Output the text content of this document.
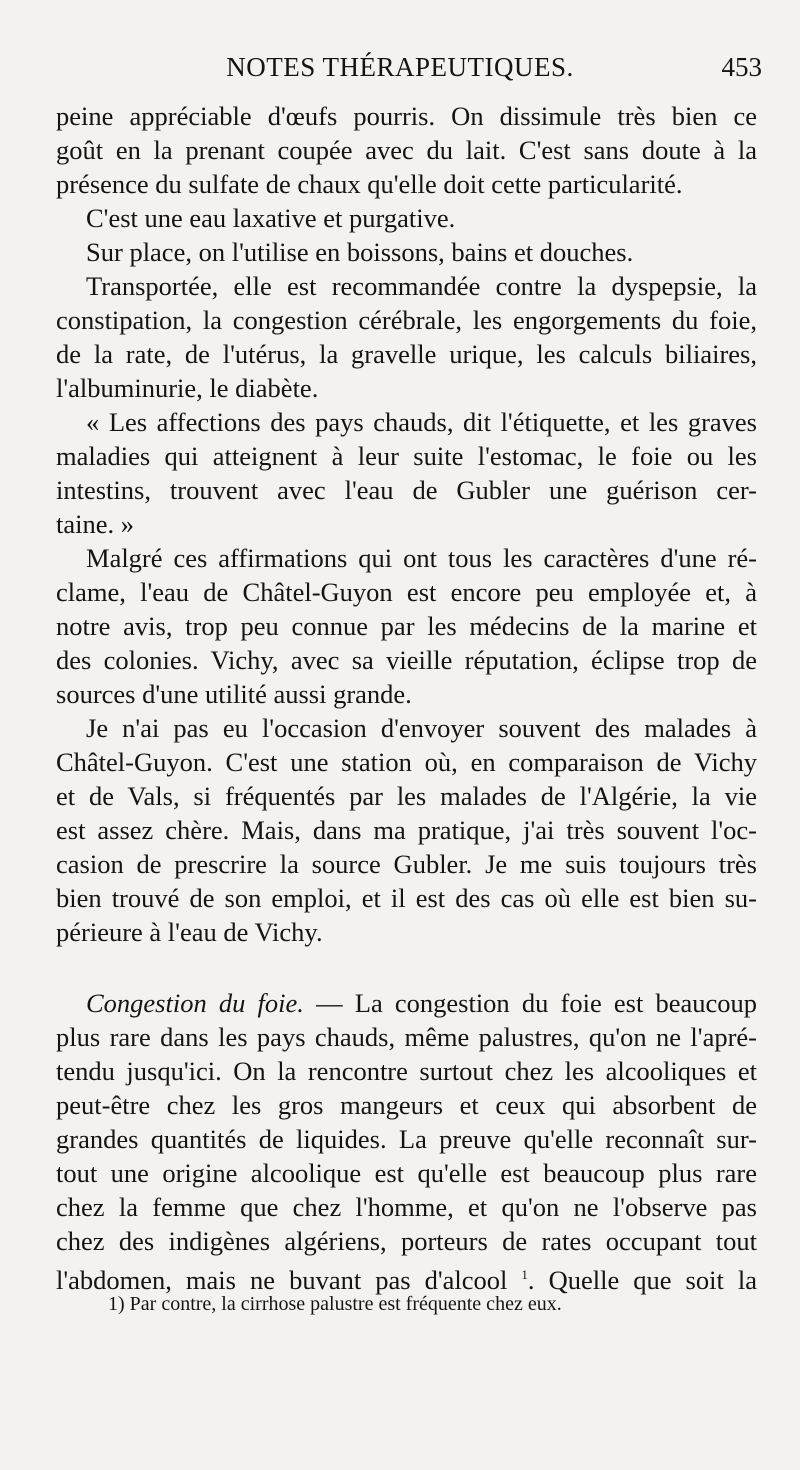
NOTES THÉRAPEUTIQUES.	453
peine appréciable d'œufs pourris. On dissimule très bien ce
goût en la prenant coupée avec du lait. C'est sans doute à la
présence du sulfate de chaux qu'elle doit cette particularité.
C'est une eau laxative et purgative.
Sur place, on l'utilise en boissons, bains et douches.
Transportée, elle est recommandée contre la dyspepsie, la
constipation, la congestion cérébrale, les engorgements du foie,
de la rate, de l'utérus, la gravelle urique, les calculs biliaires,
l'albuminurie, le diabète.
« Les affections des pays chauds, dit l'étiquette, et les graves
maladies qui atteignent à leur suite l'estomac, le foie ou les
intestins, trouvent avec l'eau de Gubler une guérison cer-
taine. »
Malgré ces affirmations qui ont tous les caractères d'une ré-
clame, l'eau de Châtel-Guyon est encore peu employée et, à
notre avis, trop peu connue par les médecins de la marine et
des colonies. Vichy, avec sa vieille réputation, éclipse trop de
sources d'une utilité aussi grande.
Je n'ai pas eu l'occasion d'envoyer souvent des malades à
Châtel-Guyon. C'est une station où, en comparaison de Vichy
et de Vals, si fréquentés par les malades de l'Algérie, la vie
est assez chère. Mais, dans ma pratique, j'ai très souvent l'oc-
casion de prescrire la source Gubler. Je me suis toujours très
bien trouvé de son emploi, et il est des cas où elle est bien su-
périeure à l'eau de Vichy.
Congestion du foie. — La congestion du foie est beaucoup
plus rare dans les pays chauds, même palustres, qu'on ne l'apré-
tendu jusqu'ici. On la rencontre surtout chez les alcooliques et
peut-être chez les gros mangeurs et ceux qui absorbent de
grandes quantités de liquides. La preuve qu'elle reconnaît sur-
tout une origine alcoolique est qu'elle est beaucoup plus rare
chez la femme que chez l'homme, et qu'on ne l'observe pas
chez des indigènes algériens, porteurs de rates occupant tout
l'abdomen, mais ne buvant pas d'alcool $^1$. Quelle que soit la
1) Par contre, la cirrhose palustre est fréquente chez eux.
